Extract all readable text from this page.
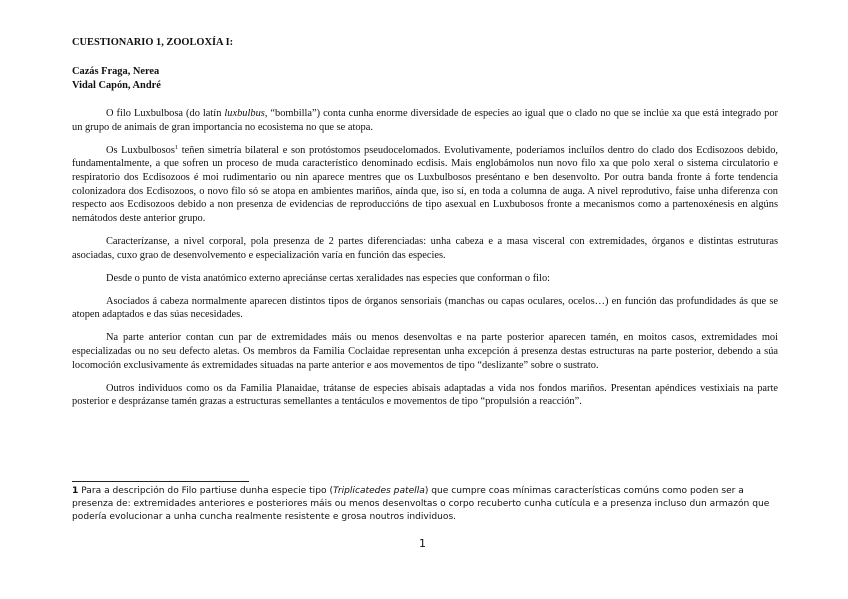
CUESTIONARIO 1, ZOOLOXÍA I:

Cazás Fraga, Nerea

Vidal Capón, André

O filo Luxbulbosa (do latín luxbulbus, “bombilla”) conta cunha enorme diversidade de especies ao igual que o clado no que se inclúe xa que está integrado por un grupo de animais de gran importancia no ecosistema no que se atopa.

Os Luxbulbosos$^1$ teñen simetría bilateral e son protóstomos pseudocelomados. Evolutivamente, poderíamos incluílos dentro do clado dos Ecdisozoos debido, fundamentalmente, a que sofren un proceso de muda característico denominado ecdisis. Mais englobámolos nun novo filo xa que polo xeral o sistema circulatorio e respiratorio dos Ecdisozoos é moi rudimentario ou nin aparece mentres que os Luxbulbosos preséntano e ben desenvolto. Por outra banda fronte á forte tendencia colonizadora dos Ecdisozoos, o novo filo só se atopa en ambientes mariños, aínda que, iso sí, en toda a columna de auga. A nivel reprodutivo, faise unha diferenza con respecto aos Ecdisozoos debido a non presenza de evidencias de reproduccións de tipo asexual en Luxbubosos fronte a mecanismos como a partenoxénesis en algúns nemátodos deste anterior grupo.

Caracterízanse, a nivel corporal, pola presenza de 2 partes diferenciadas: unha cabeza e a masa visceral con extremidades, órganos e distintas estruturas asociadas, cuxo grao de desenvolvemento e especialización varía en función das especies.

Desde o punto de vista anatómico externo apreciánse certas xeralidades nas especies que conforman o filo:

Asociados á cabeza normalmente aparecen distintos tipos de órganos sensoriais (manchas ou capas oculares, ocelos…) en función das profundidades ás que se atopen adaptados e das súas necesidades.

Na parte anterior contan cun par de extremidades máis ou menos desenvoltas e na parte posterior aparecen tamén, en moitos casos, extremidades moi especializadas ou no seu defecto aletas. Os membros da Familia Coclaidae representan unha excepción á presenza destas estructuras na parte posterior, debendo a súa locomoción exclusivamente ás extremidades situadas na parte anterior e aos movementos de tipo “deslizante” sobre o sustrato.

Outros individuos como os da Familia Planaidae, trátanse de especies abisais adaptadas a vida nos fondos mariños. Presentan apéndices vestixiais na parte posterior e desprázanse tamén grazas a estructuras semellantes a tentáculos e movementos de tipo “propulsión a reacción”.

1 Para a descripción do Filo partiuse dunha especie tipo (Triplicatedes patella) que cumpre coas mínimas características comúns como poden ser a presenza de: extremidades anteriores e posteriores máis ou menos desenvoltas o corpo recuberto cunha cutícula e a presenza incluso dun armazón que podería evolucionar a unha cuncha realmente resistente e grosa noutros individuos.

1
